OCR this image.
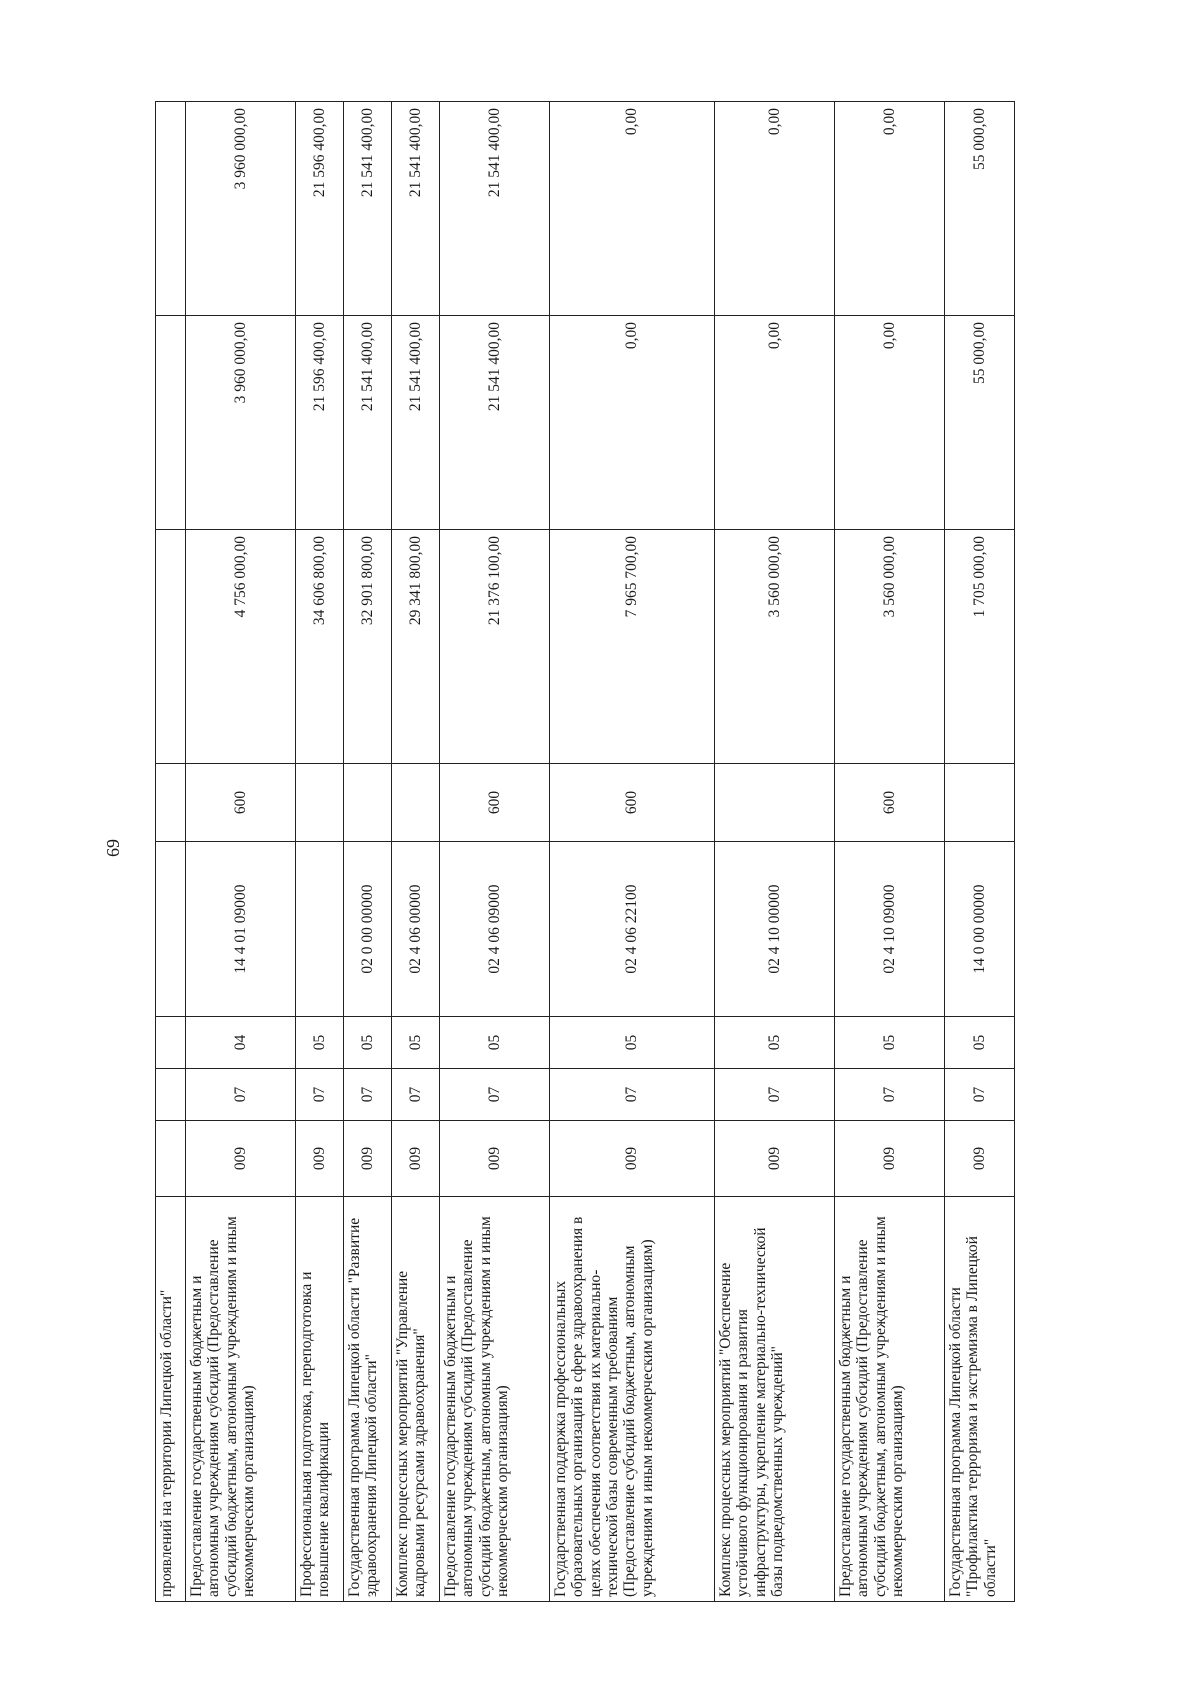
69
проявлений на территории Липецкой области"								
Предоставление государственным бюджетным и автономным учреждениям субсидий (Предоставление субсидий бюджетным, автономным учреждениям и иным некоммерческим организациям)	009	07	04	14 4 01 09000	600	4 756 000,00	3 960 000,00	3 960 000,00
Профессиональная подготовка, переподготовка и повышение квалификации	009	07	05			34 606 800,00	21 596 400,00	21 596 400,00
Государственная программа Липецкой области "Развитие здравоохранения Липецкой области"	009	07	05	02 0 00 00000		32 901 800,00	21 541 400,00	21 541 400,00
Комплекс процессных мероприятий "Управление кадровыми ресурсами здравоохранения"	009	07	05	02 4 06 00000		29 341 800,00	21 541 400,00	21 541 400,00
Предоставление государственным бюджетным и автономным учреждениям субсидий (Предоставление субсидий бюджетным, автономным учреждениям и иным некоммерческим организациям)	009	07	05	02 4 06 09000	600	21 376 100,00	21 541 400,00	21 541 400,00
Государственная поддержка профессиональных образовательных организаций в сфере здравоохранения в целях обеспечения соответствия их материально-технической базы современным требованиям (Предоставление субсидий бюджетным, автономным учреждениям и иным некоммерческим организациям)	009	07	05	02 4 06 22100	600	7 965 700,00	0,00	0,00
Комплекс процессных мероприятий "Обеспечение устойчивого функционирования и развития инфраструктуры, укрепление материально-технической базы подведомственных учреждений"	009	07	05	02 4 10 00000		3 560 000,00	0,00	0,00
Предоставление государственным бюджетным и автономным учреждениям субсидий (Предоставление субсидий бюджетным, автономным учреждениям и иным некоммерческим организациям)	009	07	05	02 4 10 09000	600	3 560 000,00	0,00	0,00
Государственная программа Липецкой области "Профилактика терроризма и экстремизма в Липецкой области"	009	07	05	14 0 00 00000		1 705 000,00	55 000,00	55 000,00
